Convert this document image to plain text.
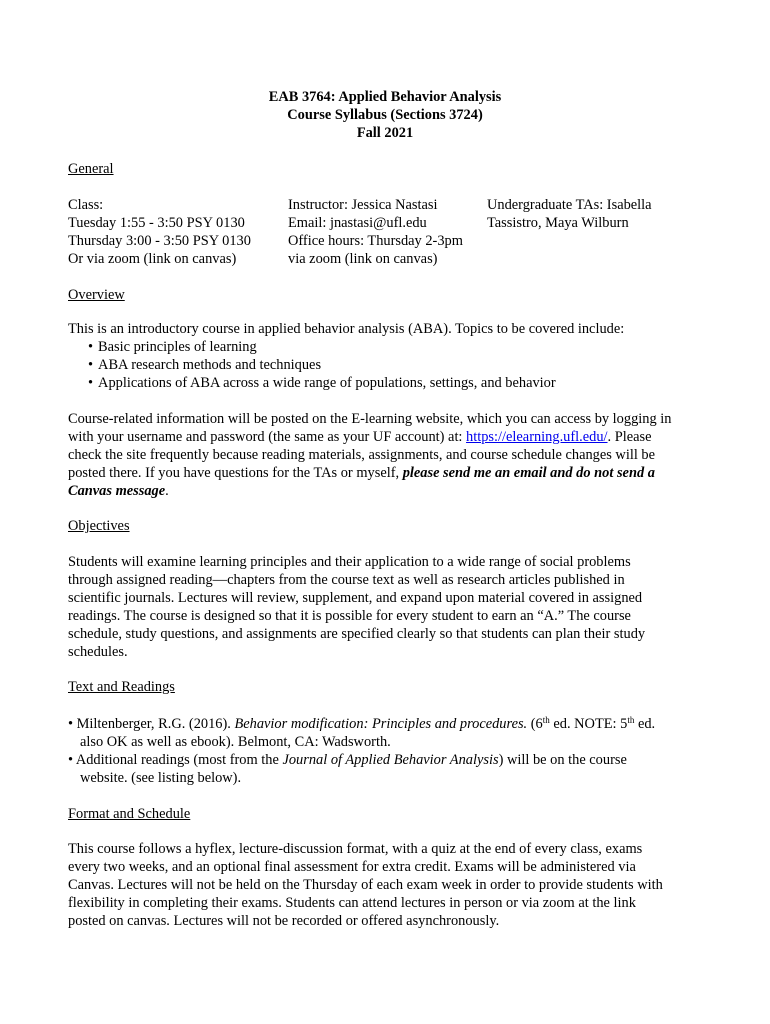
EAB 3764: Applied Behavior Analysis
Course Syllabus (Sections 3724)
Fall 2021
General
Class:
Tuesday 1:55 - 3:50 PSY 0130
Thursday 3:00 - 3:50 PSY 0130
Or via zoom (link on canvas)
Instructor: Jessica Nastasi
Email: jnastasi@ufl.edu
Office hours: Thursday 2-3pm
via zoom (link on canvas)
Undergraduate TAs: Isabella
Tassistro, Maya Wilburn
Overview
This is an introductory course in applied behavior analysis (ABA). Topics to be covered include:
• Basic principles of learning
• ABA research methods and techniques
• Applications of ABA across a wide range of populations, settings, and behavior
Course-related information will be posted on the E-learning website, which you can access by logging in
with your username and password (the same as your UF account) at: https://elearning.ufl.edu/. Please
check the site frequently because reading materials, assignments, and course schedule changes will be
posted there. If you have questions for the TAs or myself, please send me an email and do not send a
Canvas message.
Objectives
Students will examine learning principles and their application to a wide range of social problems
through assigned reading—chapters from the course text as well as research articles published in
scientific journals. Lectures will review, supplement, and expand upon material covered in assigned
readings. The course is designed so that it is possible for every student to earn an “A.” The course
schedule, study questions, and assignments are specified clearly so that students can plan their study
schedules.
Text and Readings
• Miltenberger, R.G. (2016). Behavior modification: Principles and procedures. (6th ed. NOTE: 5th ed.
also OK as well as ebook). Belmont, CA: Wadsworth.
• Additional readings (most from the Journal of Applied Behavior Analysis) will be on the course
website. (see listing below).
Format and Schedule
This course follows a hyflex, lecture-discussion format, with a quiz at the end of every class, exams
every two weeks, and an optional final assessment for extra credit. Exams will be administered via
Canvas. Lectures will not be held on the Thursday of each exam week in order to provide students with
flexibility in completing their exams. Students can attend lectures in person or via zoom at the link
posted on canvas. Lectures will not be recorded or offered asynchronously.
